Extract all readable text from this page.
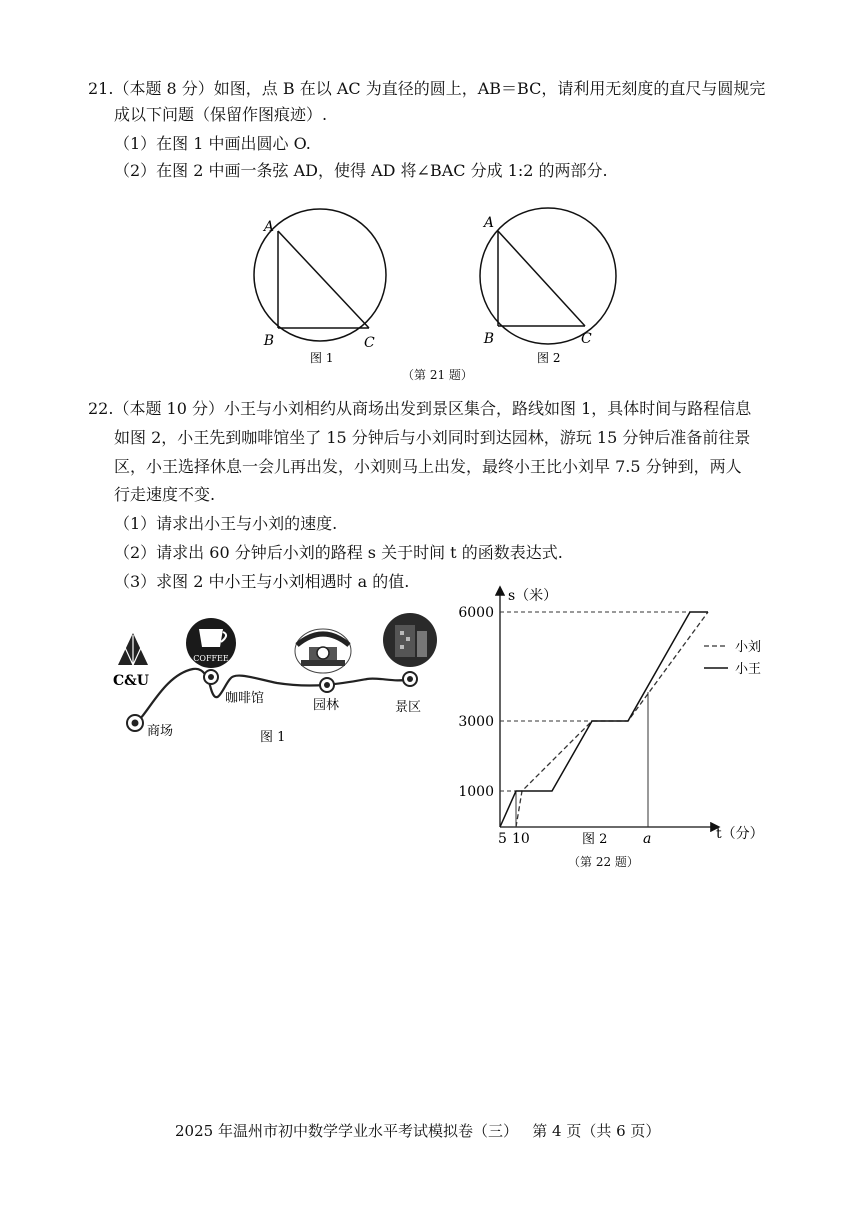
21.（本题 8 分）如图，点 B 在以 AC 为直径的圆上，AB＝BC，请利用无刻度的直尺与圆规完
成以下问题（保留作图痕迹）.
（1）在图 1 中画出圆心 O.
（2）在图 2 中画一条弦 AD，使得 AD 将∠BAC 分成 1:2 的两部分.
A
B	C
图 1
A
B	C
图 2
（第 21 题）
22.（本题 10 分）小王与小刘相约从商场出发到景区集合，路线如图 1，具体时间与路程信息
如图 2，小王先到咖啡馆坐了 15 分钟后与小刘同时到达园林，游玩 15 分钟后准备前往景
区，小王选择休息一会儿再出发，小刘则马上出发，最终小王比小刘早 7.5 分钟到，两人
行走速度不变.
（1）请求出小王与小刘的速度.
（2）请求出 60 分钟后小刘的路程 s 关于时间 t 的函数表达式.
（3）求图 2 中小王与小刘相遇时 a 的值.
C&U
商场
COFFEE
咖啡馆	园林	景区
图 1
s（米）
t（分）
6000
3000
1000
5 10	a
小刘
小王
图 2
（第 22 题）
2025 年温州市初中数学学业水平考试模拟卷（三）   第 4 页（共 6 页）
